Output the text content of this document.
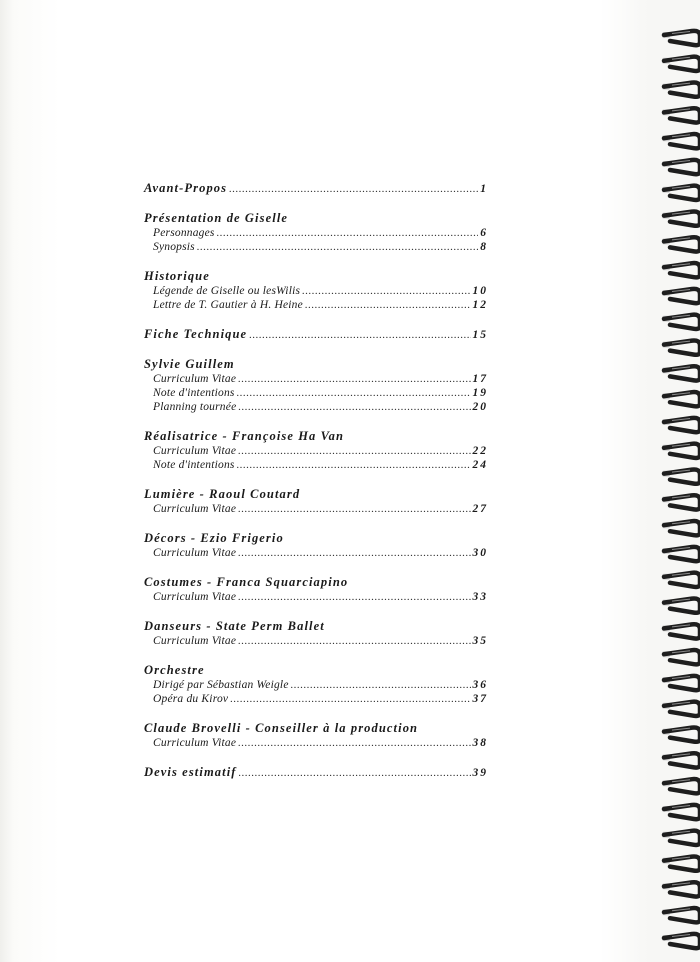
Avant-Propos .....	1
Présentation de Giselle
Personnages .....	6
Synopsis .....	8
Historique
Légende de Giselle ou lesWilis .....	10
Lettre de T. Gautier à H. Heine .....	12
Fiche Technique .....	15
Sylvie Guillem
Curriculum Vitae .....	17
Note d'intentions .....	19
Planning tournée .....	20
Réalisatrice - Françoise Ha Van
Curriculum Vitae .....	22
Note d'intentions .....	24
Lumière - Raoul Coutard
Curriculum Vitae .....	27
Décors - Ezio Frigerio
Curriculum Vitae .....	30
Costumes - Franca Squarciapino
Curriculum Vitae .....	33
Danseurs - State Perm Ballet
Curriculum Vitae .....	35
Orchestre
Dirigé par Sébastian Weigle .....	36
Opéra du Kirov .....	37
Claude Brovelli - Conseiller à la production
Curriculum Vitae .....	38
Devis estimatif .....	39
